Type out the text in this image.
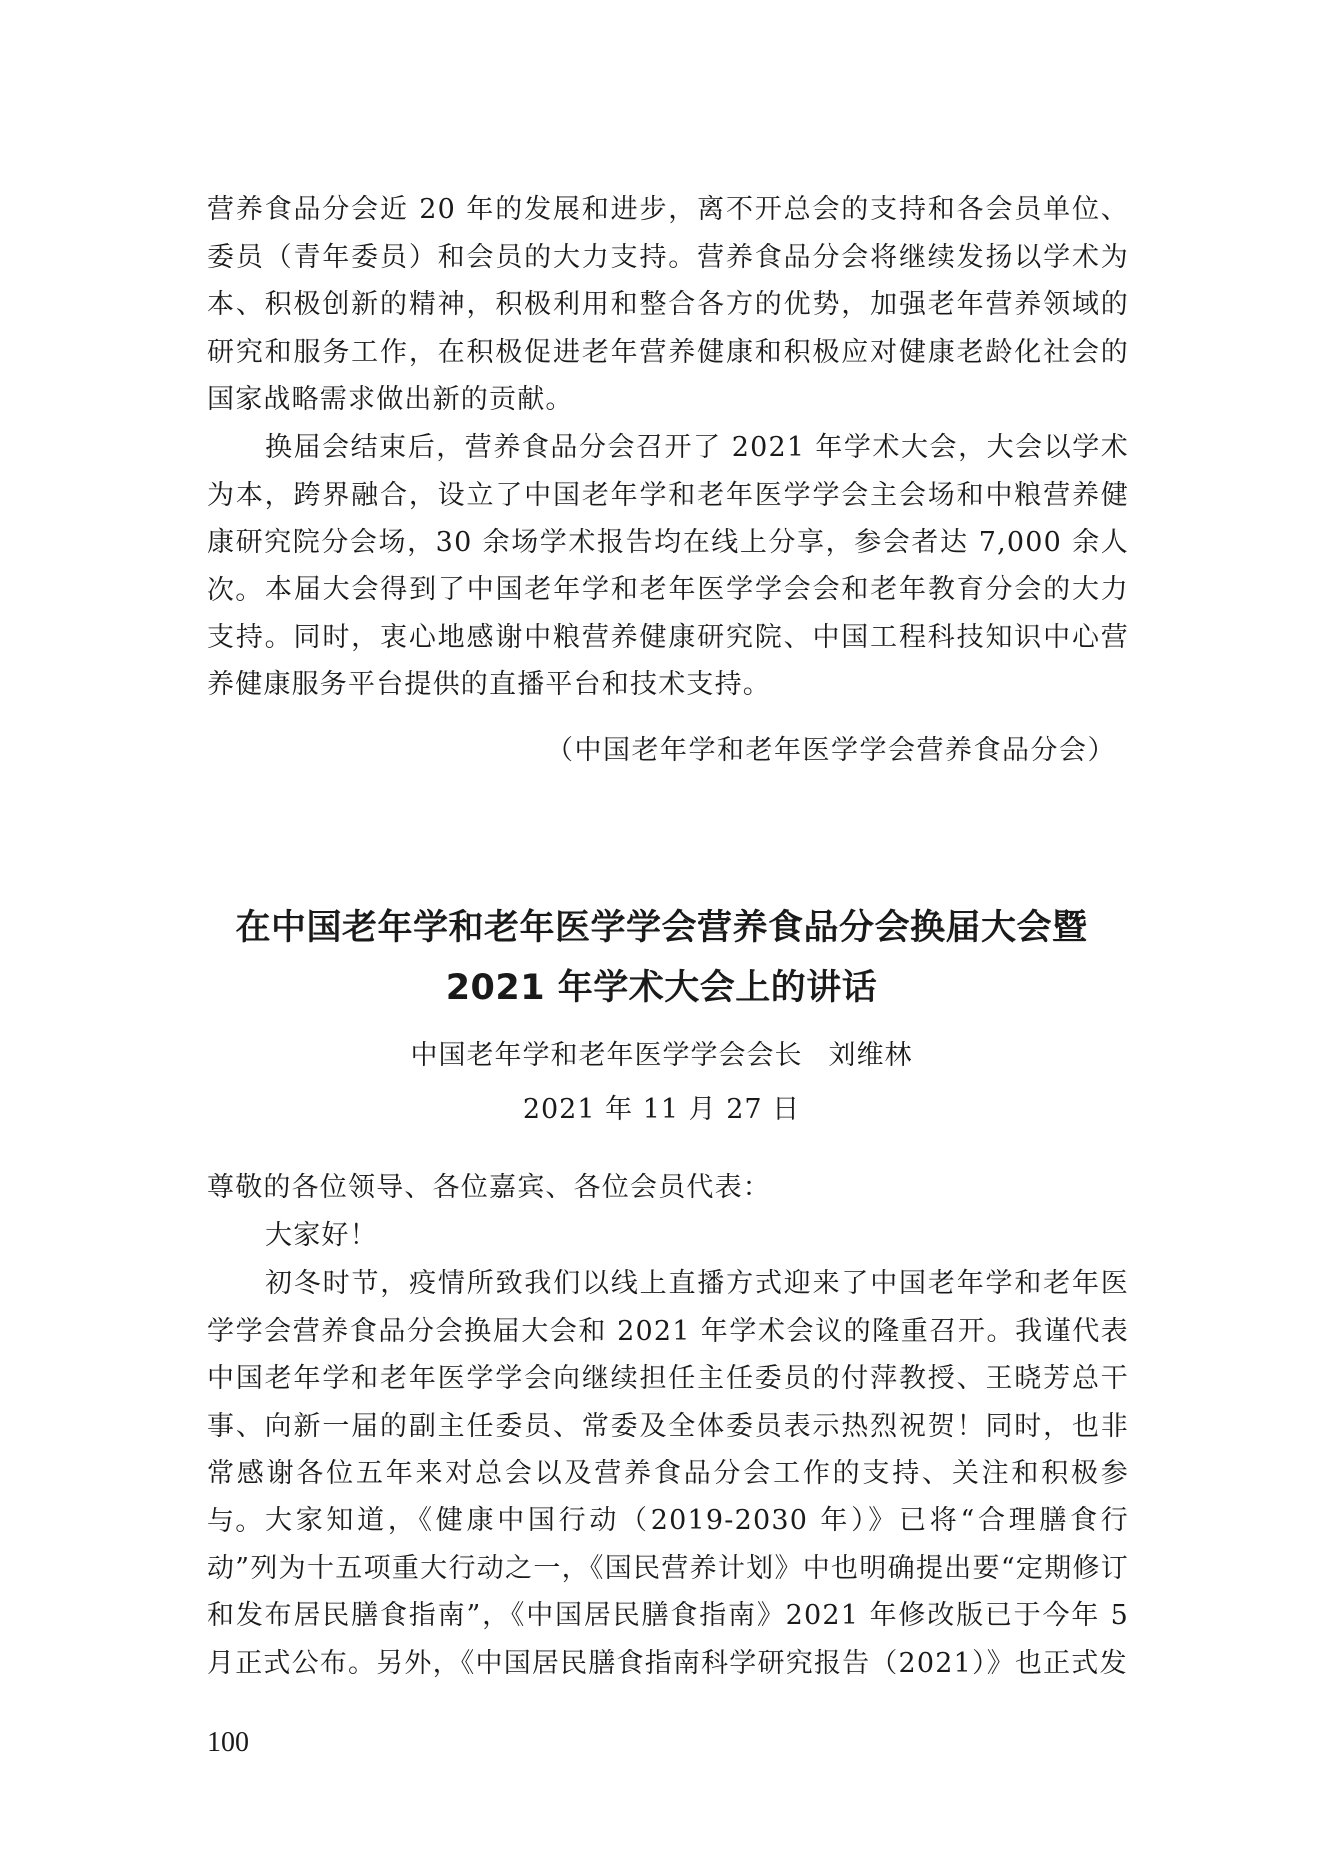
营养食品分会近 20 年的发展和进步，离不开总会的支持和各会员单位、委员（青年委员）和会员的大力支持。营养食品分会将继续发扬以学术为本、积极创新的精神，积极利用和整合各方的优势，加强老年营养领域的研究和服务工作，在积极促进老年营养健康和积极应对健康老龄化社会的国家战略需求做出新的贡献。

换届会结束后，营养食品分会召开了 2021 年学术大会，大会以学术为本，跨界融合，设立了中国老年学和老年医学学会主会场和中粮营养健康研究院分会场，30 余场学术报告均在线上分享，参会者达 7,000 余人次。 本届大会得到了中国老年学和老年医学学会会和老年教育分会的大力支持。同时，衷心地感谢中粮营养健康研究院、中国工程科技知识中心营养健康服务平台提供的直播平台和技术支持。

（中国老年学和老年医学学会营养食品分会）

在中国老年学和老年医学学会营养食品分会换届大会暨
2021 年学术大会上的讲话

中国老年学和老年医学学会会长 刘维林

2021 年 11 月 27 日

尊敬的各位领导、各位嘉宾、各位会员代表：

大家好！

初冬时节，疫情所致我们以线上直播方式迎来了中国老年学和老年医学学会营养食品分会换届大会和 2021 年学术会议的隆重召开。我谨代表中国老年学和老年医学学会向继续担任主任委员的付萍教授、王晓芳总干事、向新一届的副主任委员、常委及全体委员表示热烈祝贺！同时，也非常感谢各位五年来对总会以及营养食品分会工作的支持、关注和积极参与。 大家知道，《健康中国行动（2019-2030 年）》已将“合理膳食行动”列为十五项重大行动之一，《国民营养计划》中也明确提出要“定期修订和发布居民膳食指南”，《中国居民膳食指南》2021 年修改版已于今年 5 月正式公布。另外，《中国居民膳食指南科学研究报告（2021）》也正式发

100
